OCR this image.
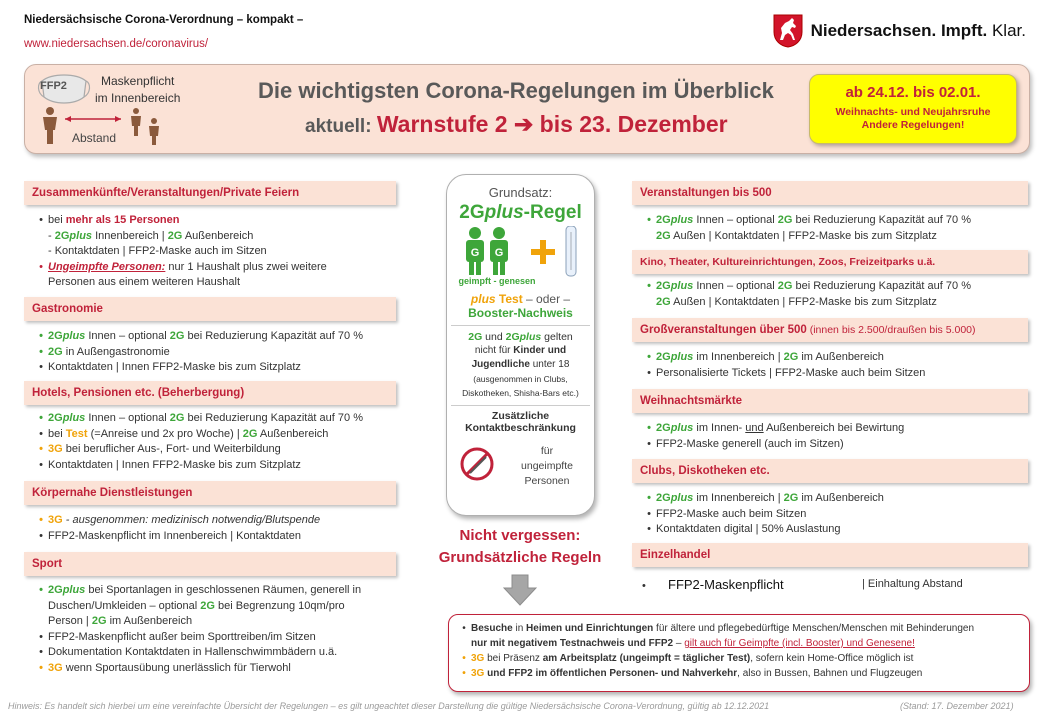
Niedersächsische Corona-Verordnung – kompakt –
www.niedersachsen.de/coronavirus/
Niedersachsen. Impft. Klar.
FFP2	Maskenpflicht
im Innenbereich
Abstand
Die wichtigsten Corona-Regelungen im Überblick
aktuell: Warnstufe 2 ➔ bis 23. Dezember
ab 24.12. bis 02.01.
Weihnachts- und Neujahrsruhe
Andere Regelungen!
Zusammenkünfte/Veranstaltungen/Private Feiern
• bei mehr als 15 Personen
- 2Gplus Innenbereich | 2G Außenbereich
- Kontaktdaten | FFP2-Maske auch im Sitzen
• Ungeimpfte Personen: nur 1 Haushalt plus zwei weitere
Personen aus einem weiteren Haushalt
Gastronomie
• 2Gplus Innen – optional 2G bei Reduzierung Kapazität auf 70 %
• 2G in Außengastronomie
• Kontaktdaten | Innen FFP2-Maske bis zum Sitzplatz
Hotels, Pensionen etc. (Beherbergung)
• 2Gplus Innen – optional 2G bei Reduzierung Kapazität auf 70 %
• bei Test (=Anreise und 2x pro Woche) | 2G Außenbereich
• 3G bei beruflicher Aus-, Fort- und Weiterbildung
• Kontaktdaten | Innen FFP2-Maske bis zum Sitzplatz
Körpernahe Dienstleistungen
• 3G - ausgenommen: medizinisch notwendig/Blutspende
• FFP2-Maskenpflicht im Innenbereich | Kontaktdaten
Sport
• 2Gplus bei Sportanlagen in geschlossenen Räumen, generell in
Duschen/Umkleiden – optional 2G bei Begrenzung 10qm/pro
Person | 2G im Außenbereich
• FFP2-Maskenpflicht außer beim Sporttreiben/im Sitzen
• Dokumentation Kontaktdaten in Hallenschwimmbädern u.ä.
• 3G wenn Sportausübung unerlässlich für Tierwohl
Grundsatz:
2Gplus-Regel
G G
geimpft - genesen
plus Test – oder –
Booster-Nachweis
2G und 2Gplus gelten
nicht für Kinder und
Jugendliche unter 18
(ausgenommen in Clubs,
Diskotheken, Shisha-Bars etc.)
Zusätzliche
Kontaktbeschränkung
für
ungeimpfte
Personen
Nicht vergessen:
Grundsätzliche Regeln
Veranstaltungen bis 500
• 2Gplus Innen – optional 2G bei Reduzierung Kapazität auf 70 %
2G Außen | Kontaktdaten | FFP2-Maske bis zum Sitzplatz
Kino, Theater, Kultureinrichtungen, Zoos, Freizeitparks u.ä.
• 2Gplus Innen – optional 2G bei Reduzierung Kapazität auf 70 %
2G Außen | Kontaktdaten | FFP2-Maske bis zum Sitzplatz
Großveranstaltungen über 500 (innen bis 2.500/draußen bis 5.000)
• 2Gplus im Innenbereich | 2G im Außenbereich
• Personalisierte Tickets | FFP2-Maske auch beim Sitzen
Weihnachtsmärkte
• 2Gplus im Innen- und Außenbereich bei Bewirtung
• FFP2-Maske generell (auch im Sitzen)
Clubs, Diskotheken etc.
• 2Gplus im Innenbereich | 2G im Außenbereich
• FFP2-Maske auch beim Sitzen
• Kontaktdaten digital | 50% Auslastung
Einzelhandel
• FFP2-Maskenpflicht	| Einhaltung Abstand
• Besuche in Heimen und Einrichtungen für ältere und pflegebedürftige Menschen/Menschen mit Behinderungen
nur mit negativem Testnachweis und FFP2 – gilt auch für Geimpfte (incl. Booster) und Genesene!
• 3G bei Präsenz am Arbeitsplatz (ungeimpft = täglicher Test), sofern kein Home-Office möglich ist
• 3G und FFP2 im öffentlichen Personen- und Nahverkehr, also in Bussen, Bahnen und Flugzeugen
Hinweis: Es handelt sich hierbei um eine vereinfachte Übersicht der Regelungen – es gilt ungeachtet dieser Darstellung die gültige Niedersächsische Corona-Verordnung, gültig ab 12.12.2021	(Stand: 17. Dezember 2021)
